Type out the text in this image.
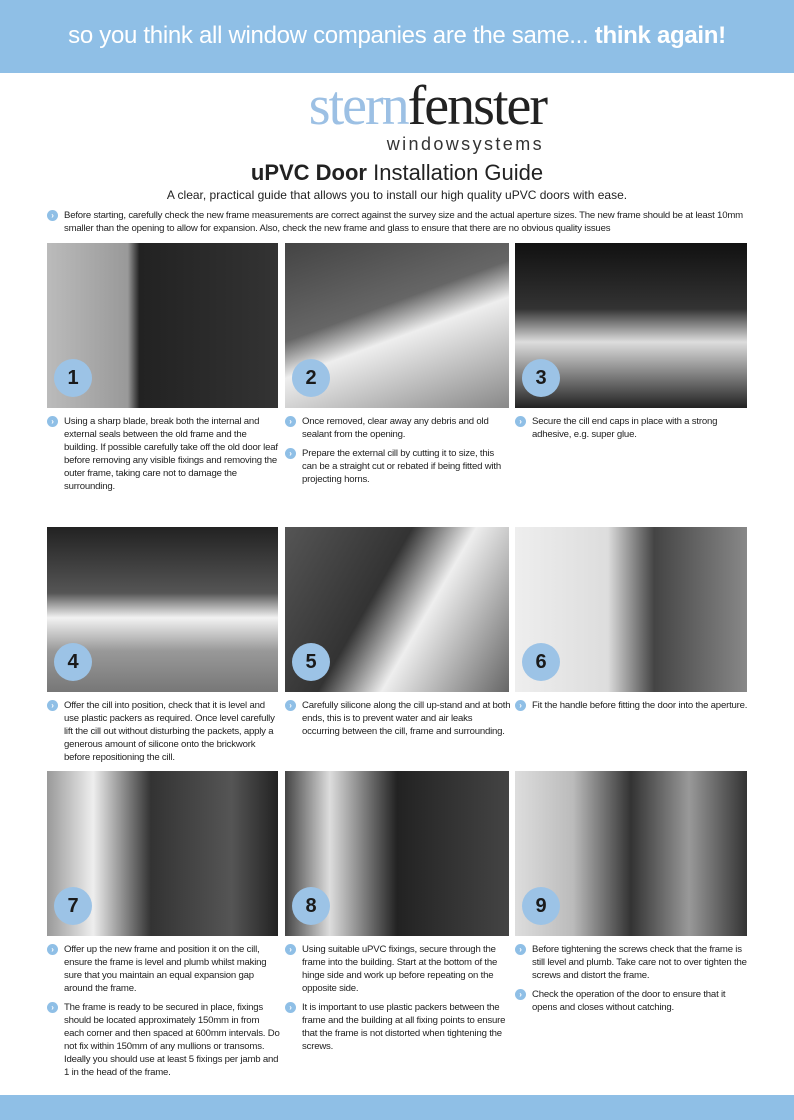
so you think all window companies are the same... think again!
sternfenster
windowsystems
uPVC Door Installation Guide
A clear, practical guide that allows you to install our high quality uPVC doors with ease.
›	Before starting, carefully check the new frame measurements are correct against the survey size and the actual aperture sizes. The new frame should be at least 10mm smaller than the opening to allow for expansion. Also, check the new frame and glass to ensure that there are no obvious quality issues
1
›	Using a sharp blade, break both the internal and external seals between the old frame and the building. If possible carefully take off the old door leaf before removing any visible fixings and removing the outer frame, taking care not to damage the surrounding.
2
›	Once removed, clear away any debris and old sealant from the opening.
›	Prepare the external cill by cutting it to size, this can be a straight cut or rebated if being fitted with projecting horns.
3
›	Secure the cill end caps in place with a strong adhesive, e.g. super glue.
4
›	Offer the cill into position, check that it is level and use plastic packers as required. Once level carefully lift the cill out without disturbing the packets, apply a generous amount of silicone onto the brickwork before repositioning the cill.
5
›	Carefully silicone along the cill up-stand and at both ends, this is to prevent water and air leaks occurring between the cill, frame and surrounding.
6
›	Fit the handle before fitting the door into the aperture.
7
›	Offer up the new frame and position it on the cill, ensure the frame is level and plumb whilst making sure that you maintain an equal expansion gap around the frame.
›	The frame is ready to be secured in place, fixings should be located approximately 150mm in from each corner and then spaced at 600mm intervals. Do not fix within 150mm of any mullions or transoms. Ideally you should use at least 5 fixings per jamb and 1 in the head of the frame.
8
›	Using suitable uPVC fixings, secure through the frame into the building. Start at the bottom of the hinge side and work up before repeating on the opposite side.
›	It is important to use plastic packers between the frame and the building at all fixing points to ensure that the frame is not distorted when tightening the screws.
9
›	Before tightening the screws check that the frame is still level and plumb. Take care not to over tighten the screws and distort the frame.
›	Check the operation of the door to ensure that it opens and closes without catching.
